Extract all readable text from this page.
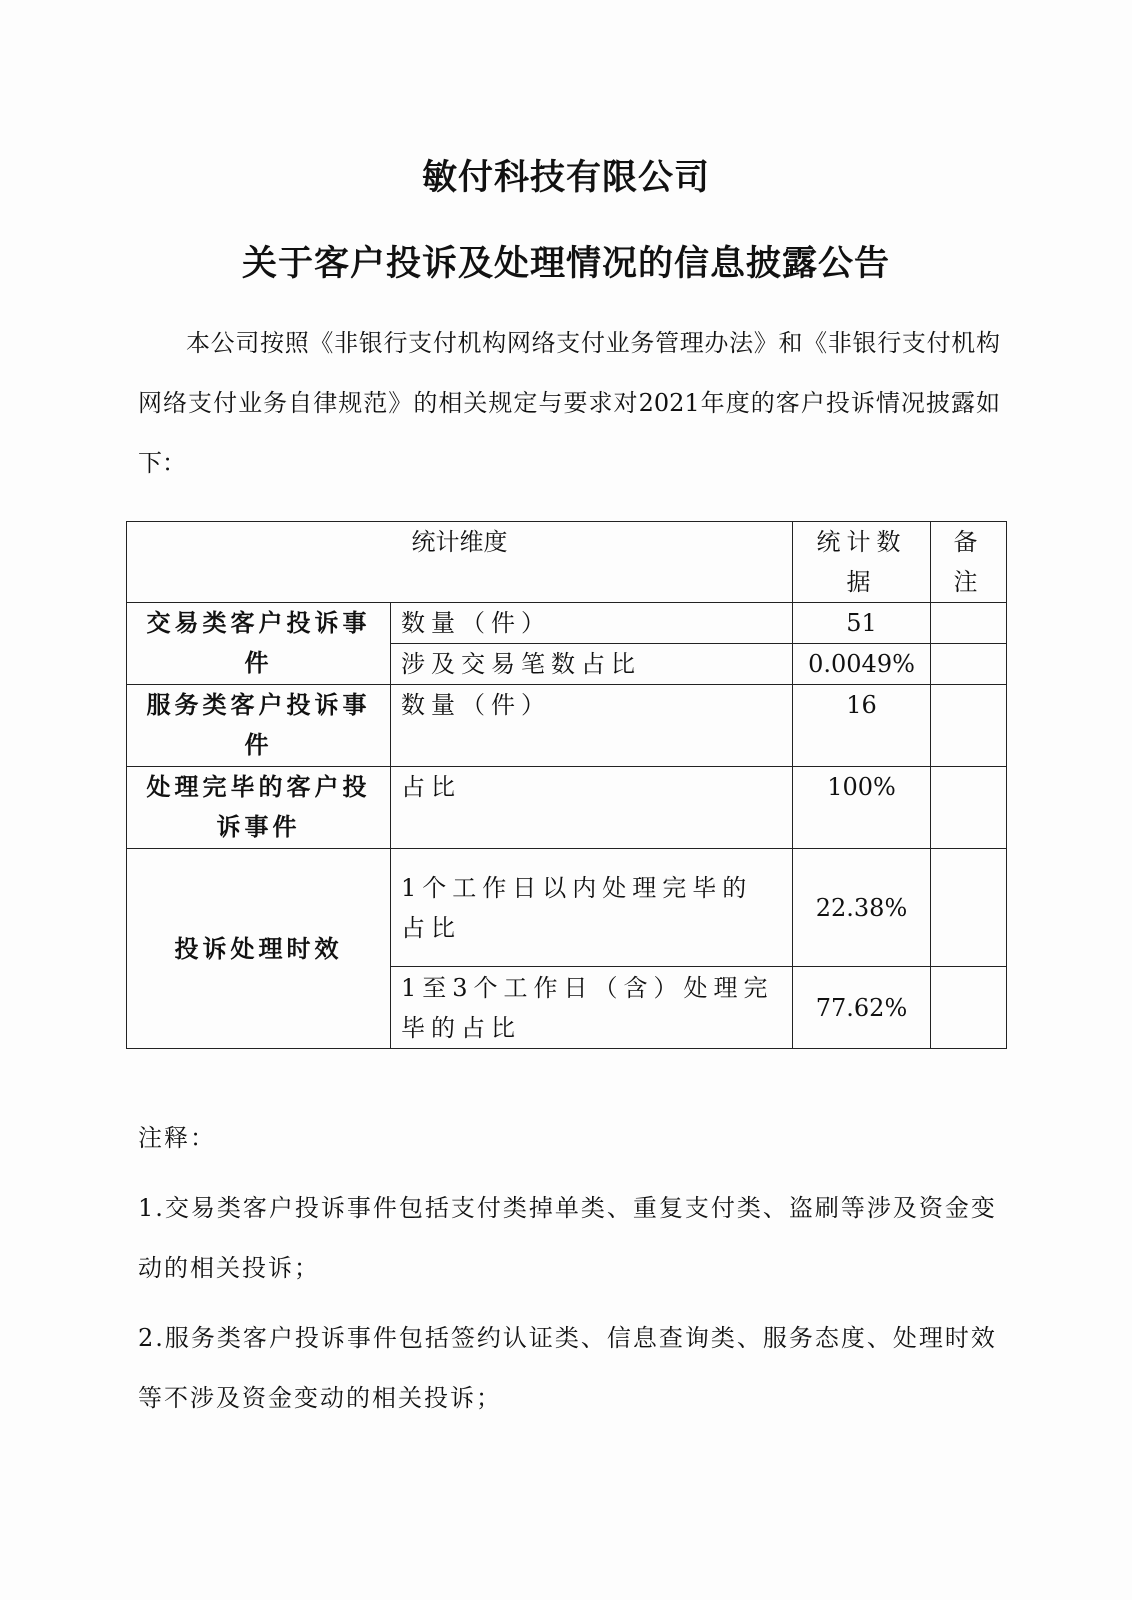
敏付科技有限公司
关于客户投诉及处理情况的信息披露公告
本公司按照《非银行支付机构网络支付业务管理办法》和《非银行支付机构网络支付业务自律规范》的相关规定与要求对2021年度的客户投诉情况披露如下：
统计维度		统计数据	备注
交易类客户投诉事件	数量（件）	51	
	涉及交易笔数占比	0.0049%	
服务类客户投诉事件	数量（件）	16	
处理完毕的客户投诉事件	占比	100%	
投诉处理时效	1个工作日以内处理完毕的占比	22.38%	
	1至3个工作日（含）处理完毕的占比	77.62%	

注释：

1.交易类客户投诉事件包括支付类掉单类、重复支付类、盗刷等涉及资金变动的相关投诉；

2.服务类客户投诉事件包括签约认证类、信息查询类、服务态度、处理时效等不涉及资金变动的相关投诉；
